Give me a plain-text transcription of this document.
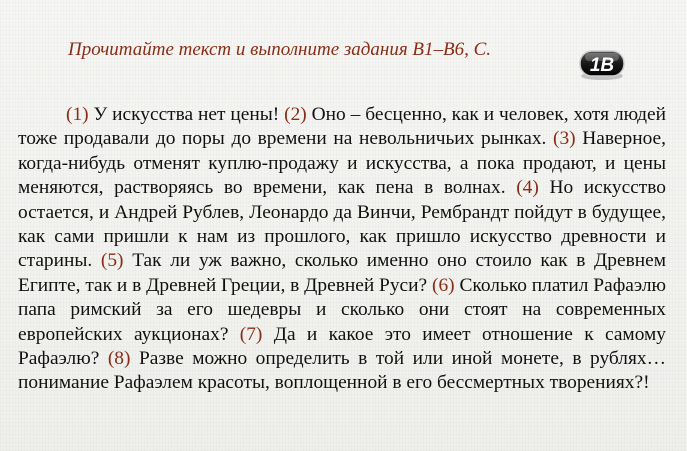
Прочитайте текст и выполните задания В1–В6, С.
1В

(1) У искусства нет цены! (2) Оно – бесценно, как и человек, хотя людей тоже продавали до поры до времени на невольничьих рынках. (3) Наверное, когда-нибудь отменят куплю-продажу и искусства, а пока продают, и цены меняются, растворяясь во времени, как пена в волнах. (4) Но искусство остается, и Андрей Рублев, Леонардо да Винчи, Рембрандт пойдут в будущее, как сами пришли к нам из прошлого, как пришло искусство древности и старины. (5) Так ли уж важно, сколько именно оно стоило как в Древнем Египте, так и в Древней Греции, в Древней Руси? (6) Сколько платил Рафаэлю папа римский за его шедевры и сколько они стоят на современных европейских аукционах? (7) Да и какое это имеет отношение к самому Рафаэлю? (8) Разве можно определить в той или иной монете, в рублях… понимание Рафаэлем красоты, воплощенной в его бессмертных творениях?!
